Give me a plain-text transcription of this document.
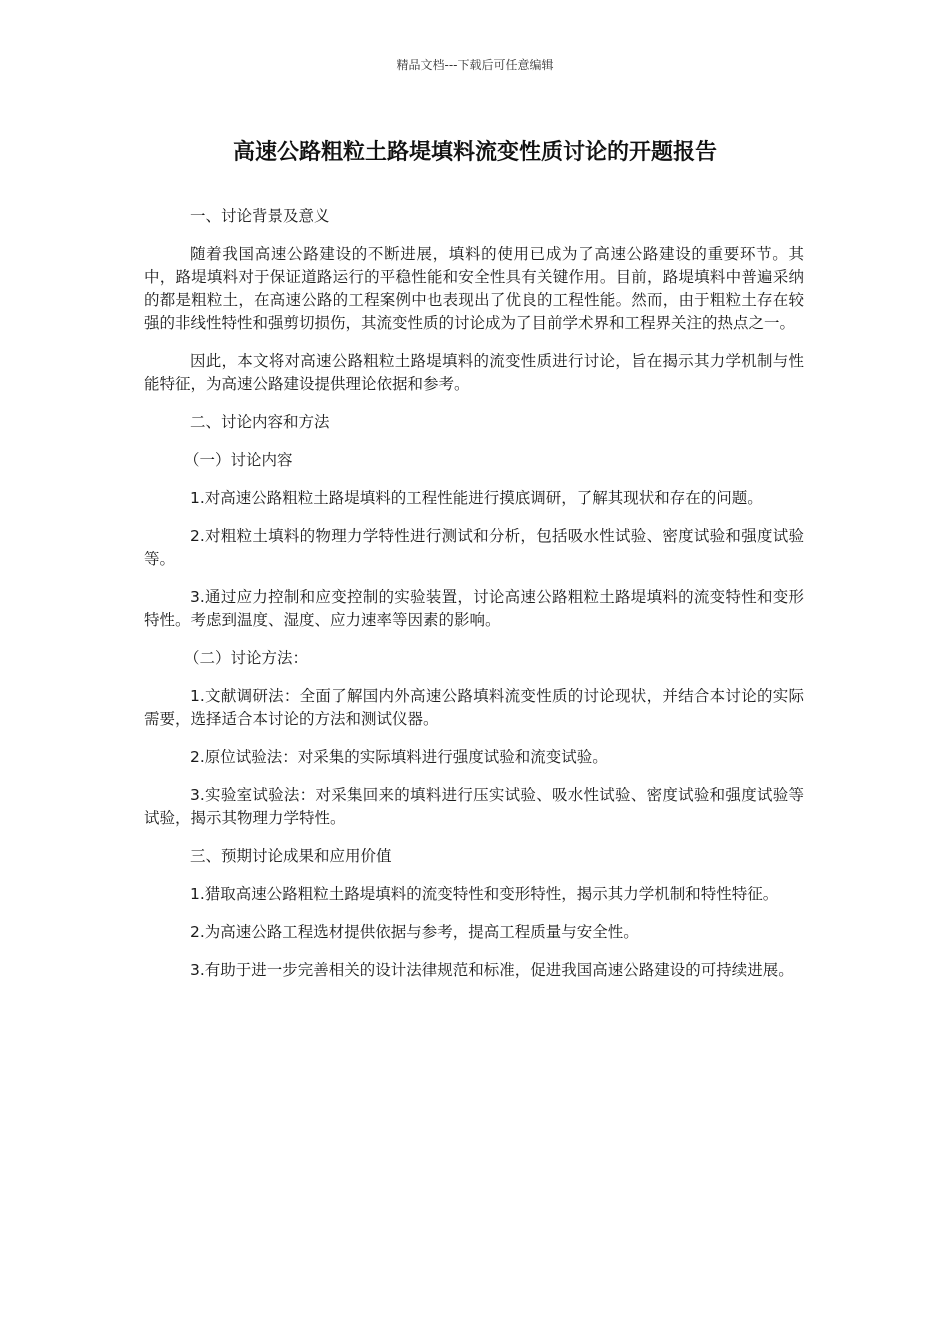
精品文档---下载后可任意编辑
高速公路粗粒土路堤填料流变性质讨论的开题报告

一、讨论背景及意义

随着我国高速公路建设的不断进展，填料的使用已成为了高速公路建设的重要环节。其中，路堤填料对于保证道路运行的平稳性能和安全性具有关键作用。目前，路堤填料中普遍采纳的都是粗粒土，在高速公路的工程案例中也表现出了优良的工程性能。然而，由于粗粒土存在较强的非线性特性和强剪切损伤，其流变性质的讨论成为了目前学术界和工程界关注的热点之一。

因此，本文将对高速公路粗粒土路堤填料的流变性质进行讨论，旨在揭示其力学机制与性能特征，为高速公路建设提供理论依据和参考。

二、讨论内容和方法

（一）讨论内容

1.对高速公路粗粒土路堤填料的工程性能进行摸底调研，了解其现状和存在的问题。

2.对粗粒土填料的物理力学特性进行测试和分析，包括吸水性试验、密度试验和强度试验等。

3.通过应力控制和应变控制的实验装置，讨论高速公路粗粒土路堤填料的流变特性和变形特性。考虑到温度、湿度、应力速率等因素的影响。

（二）讨论方法：

1.文献调研法：全面了解国内外高速公路填料流变性质的讨论现状，并结合本讨论的实际需要，选择适合本讨论的方法和测试仪器。

2.原位试验法：对采集的实际填料进行强度试验和流变试验。

3.实验室试验法：对采集回来的填料进行压实试验、吸水性试验、密度试验和强度试验等试验，揭示其物理力学特性。

三、预期讨论成果和应用价值

1.猎取高速公路粗粒土路堤填料的流变特性和变形特性，揭示其力学机制和特性特征。

2.为高速公路工程选材提供依据与参考，提高工程质量与安全性。

3.有助于进一步完善相关的设计法律规范和标准，促进我国高速公路建设的可持续进展。
